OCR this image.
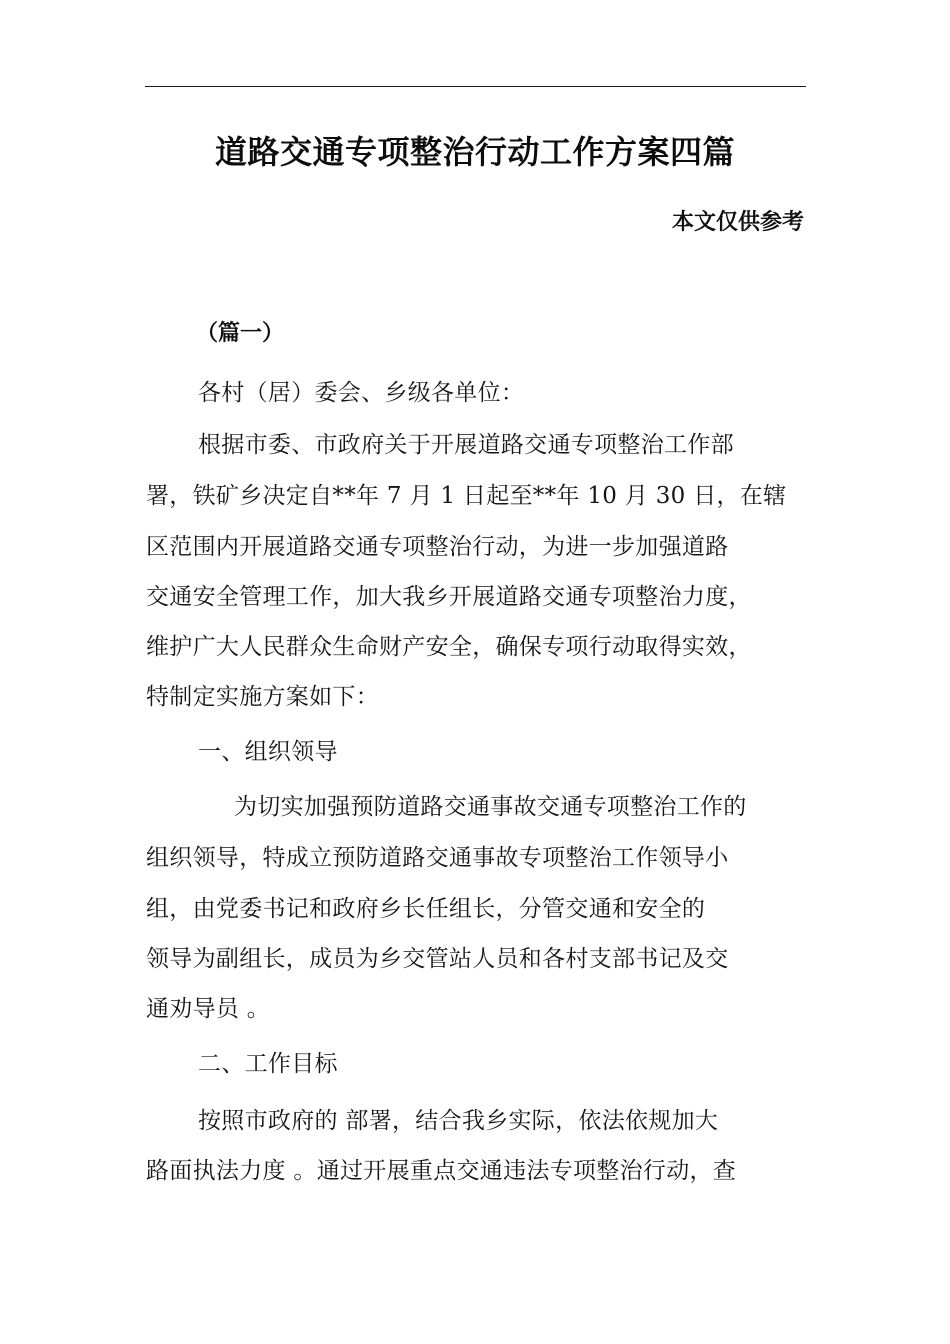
道路交通专项整治行动工作方案四篇
本文仅供参考
（篇一）
各村（居）委会、乡级各单位：
根据市委、市政府关于开展道路交通专项整治工作部
署，铁矿乡决定自**年 7 月 1 日起至**年 10 月 30 日，在辖
区范围内开展道路交通专项整治行动，为进一步加强道路
交通安全管理工作，加大我乡开展道路交通专项整治力度，
维护广大人民群众生命财产安全，确保专项行动取得实效，
特制定实施方案如下：
一、组织领导
为切实加强预防道路交通事故交通专项整治工作的
组织领导，特成立预防道路交通事故专项整治工作领导小
组，由党委书记和政府乡长任组长，分管交通和安全的
领导为副组长，成员为乡交管站人员和各村支部书记及交
通劝导员 。
二、工作目标
按照市政府的 部署，结合我乡实际，依法依规加大
路面执法力度 。通过开展重点交通违法专项整治行动，查
